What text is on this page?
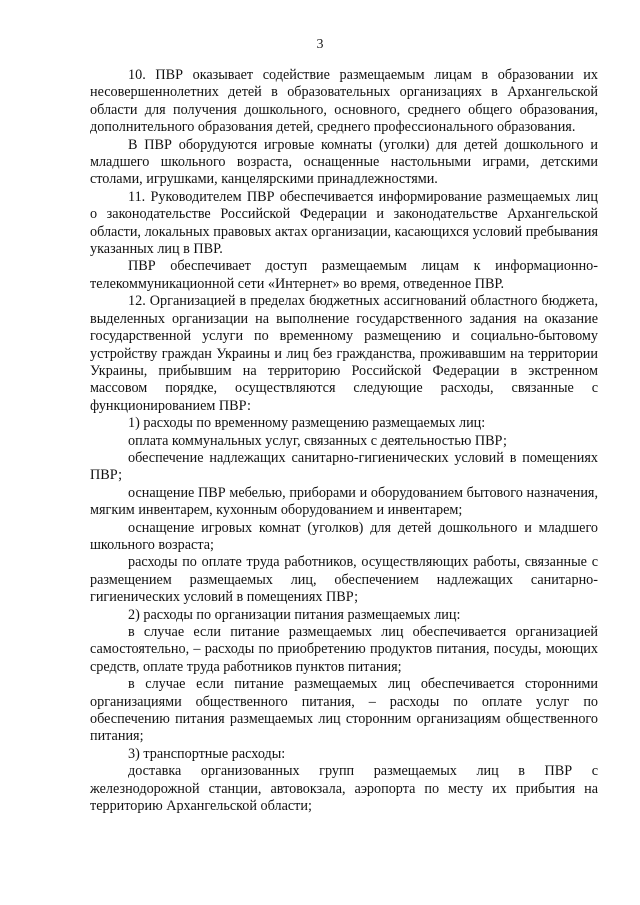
3

10. ПВР оказывает содействие размещаемым лицам в образовании их несовершеннолетних детей в образовательных организациях в Архангельской области для получения дошкольного, основного, среднего общего образования, дополнительного образования детей, среднего профессионального образования.

В ПВР оборудуются игровые комнаты (уголки) для детей дошкольного и младшего школьного возраста, оснащенные настольными играми, детскими столами, игрушками, канцелярскими принадлежностями.

11. Руководителем ПВР обеспечивается информирование размещаемых лиц о законодательстве Российской Федерации и законодательстве Архангельской области, локальных правовых актах организации, касающихся условий пребывания указанных лиц в ПВР.

ПВР обеспечивает доступ размещаемым лицам к информационно-телекоммуникационной сети «Интернет» во время, отведенное ПВР.

12. Организацией в пределах бюджетных ассигнований областного бюджета, выделенных организации на выполнение государственного задания на оказание государственной услуги по временному размещению и социально-бытовому устройству граждан Украины и лиц без гражданства, проживавшим на территории Украины, прибывшим на территорию Российской Федерации в экстренном массовом порядке, осуществляются следующие расходы, связанные с функционированием ПВР:

1) расходы по временному размещению размещаемых лиц:

оплата коммунальных услуг, связанных с деятельностью ПВР;

обеспечение надлежащих санитарно-гигиенических условий в помещениях ПВР;

оснащение ПВР мебелью, приборами и оборудованием бытового назначения, мягким инвентарем, кухонным оборудованием и инвентарем;

оснащение игровых комнат (уголков) для детей дошкольного и младшего школьного возраста;

расходы по оплате труда работников, осуществляющих работы, связанные с размещением размещаемых лиц, обеспечением надлежащих санитарно-гигиенических условий в помещениях ПВР;

2) расходы по организации питания размещаемых лиц:

в случае если питание размещаемых лиц обеспечивается организацией самостоятельно, – расходы по приобретению продуктов питания, посуды, моющих средств, оплате труда работников пунктов питания;

в случае если питание размещаемых лиц обеспечивается сторонними организациями общественного питания, – расходы по оплате услуг по обеспечению питания размещаемых лиц сторонним организациям общественного питания;

3) транспортные расходы:

доставка организованных групп размещаемых лиц в ПВР с железнодорожной станции, автовокзала, аэропорта по месту их прибытия на территорию Архангельской области;
